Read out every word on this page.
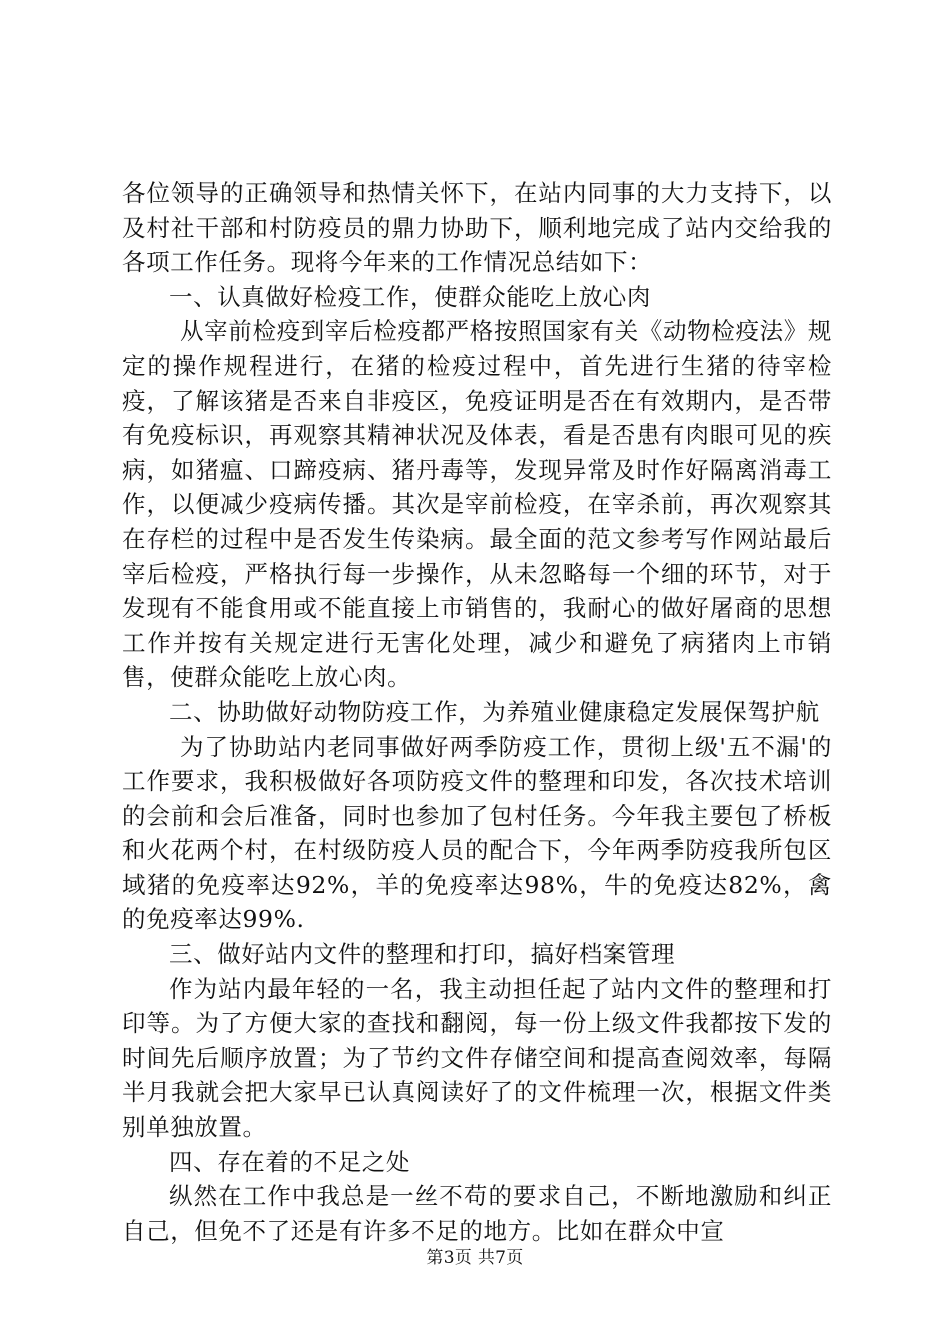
各位领导的正确领导和热情关怀下，在站内同事的大力支持下，以及村社干部和村防疫员的鼎力协助下，顺利地完成了站内交给我的各项工作任务。现将今年来的工作情况总结如下：

一、认真做好检疫工作，使群众能吃上放心肉

从宰前检疫到宰后检疫都严格按照国家有关《动物检疫法》规定的操作规程进行，在猪的检疫过程中，首先进行生猪的待宰检疫，了解该猪是否来自非疫区，免疫证明是否在有效期内，是否带有免疫标识，再观察其精神状况及体表，看是否患有肉眼可见的疾病，如猪瘟、口蹄疫病、猪丹毒等，发现异常及时作好隔离消毒工作，以便减少疫病传播。其次是宰前检疫，在宰杀前，再次观察其在存栏的过程中是否发生传染病。最全面的范文参考写作网站最后宰后检疫，严格执行每一步操作，从未忽略每一个细的环节，对于发现有不能食用或不能直接上市销售的，我耐心的做好屠商的思想工作并按有关规定进行无害化处理，减少和避免了病猪肉上市销售，使群众能吃上放心肉。

二、协助做好动物防疫工作，为养殖业健康稳定发展保驾护航

为了协助站内老同事做好两季防疫工作，贯彻上级'五不漏'的工作要求，我积极做好各项防疫文件的整理和印发，各次技术培训的会前和会后准备，同时也参加了包村任务。今年我主要包了桥板和火花两个村，在村级防疫人员的配合下，今年两季防疫我所包区域猪的免疫率达92%，羊的免疫率达98%，牛的免疫达82%，禽的免疫率达99%.

三、做好站内文件的整理和打印，搞好档案管理

作为站内最年轻的一名，我主动担任起了站内文件的整理和打印等。为了方便大家的查找和翻阅，每一份上级文件我都按下发的时间先后顺序放置；为了节约文件存储空间和提高查阅效率，每隔半月我就会把大家早已认真阅读好了的文件梳理一次，根据文件类别单独放置。

四、存在着的不足之处

纵然在工作中我总是一丝不苟的要求自己，不断地激励和纠正自己，但免不了还是有许多不足的地方。比如在群众中宣

第3页 共7页
